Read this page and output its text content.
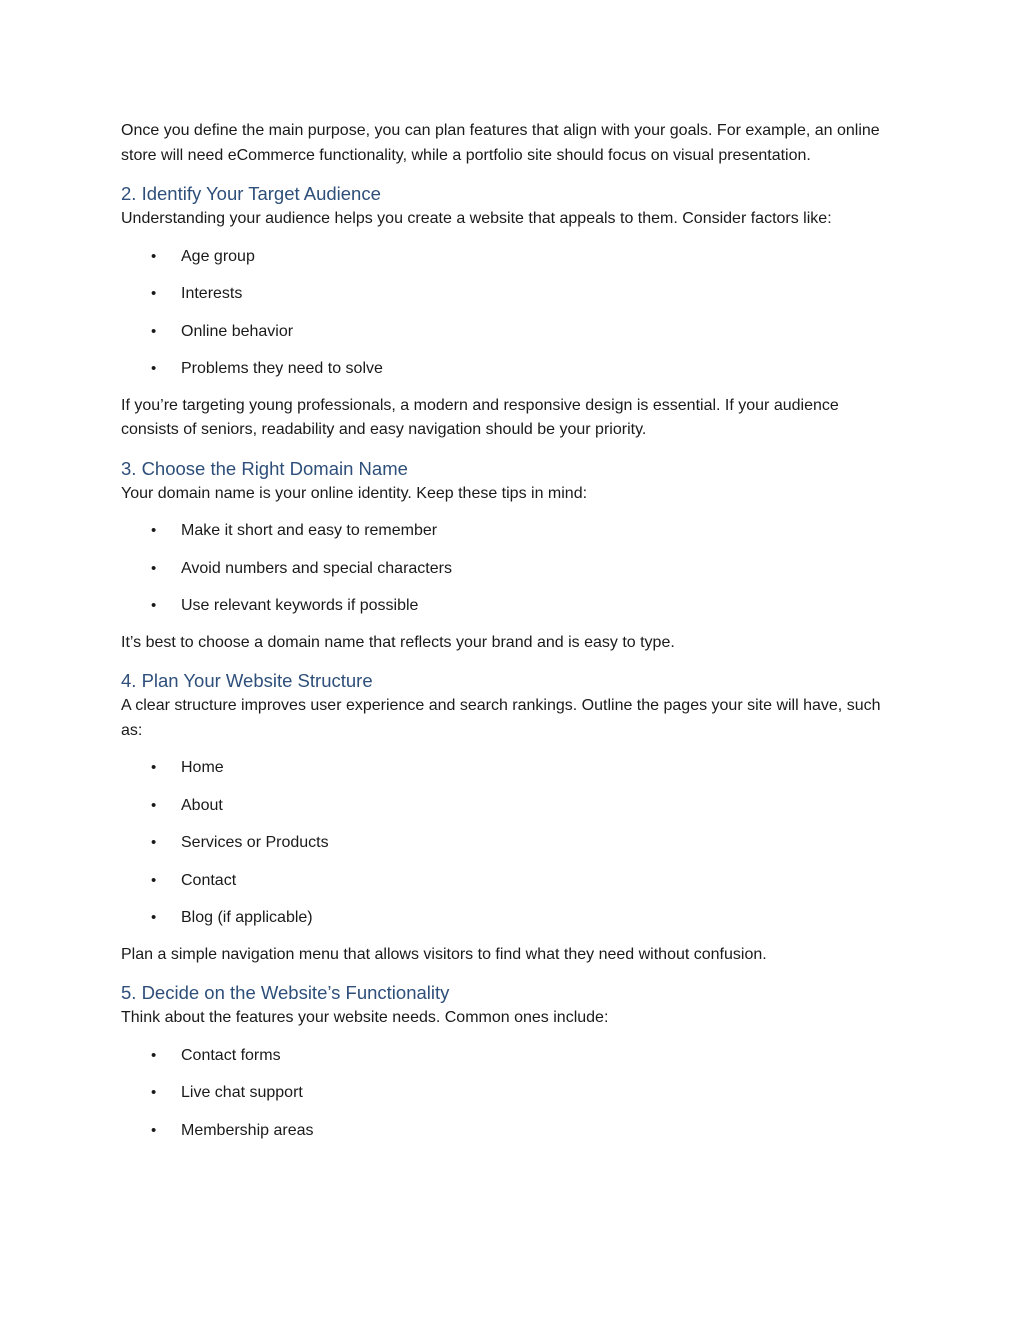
Once you define the main purpose, you can plan features that align with your goals. For example, an online store will need eCommerce functionality, while a portfolio site should focus on visual presentation.

2. Identify Your Target Audience

Understanding your audience helps you create a website that appeals to them. Consider factors like:

• Age group
• Interests
• Online behavior
• Problems they need to solve

If you’re targeting young professionals, a modern and responsive design is essential. If your audience consists of seniors, readability and easy navigation should be your priority.

3. Choose the Right Domain Name

Your domain name is your online identity. Keep these tips in mind:

• Make it short and easy to remember
• Avoid numbers and special characters
• Use relevant keywords if possible

It’s best to choose a domain name that reflects your brand and is easy to type.

4. Plan Your Website Structure

A clear structure improves user experience and search rankings. Outline the pages your site will have, such as:

• Home
• About
• Services or Products
• Contact
• Blog (if applicable)

Plan a simple navigation menu that allows visitors to find what they need without confusion.

5. Decide on the Website’s Functionality

Think about the features your website needs. Common ones include:

• Contact forms
• Live chat support
• Membership areas
